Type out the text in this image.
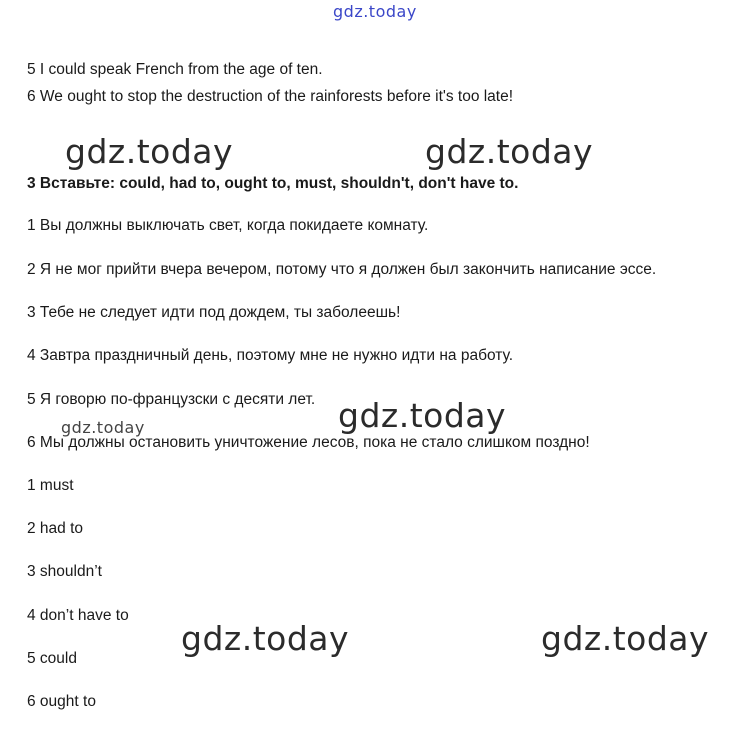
gdz.today
5 I could speak French from the age of ten.
6 We ought to stop the destruction of the rainforests before it's too late!
gdz.today	gdz.today
3 Вставьте: could, had to, ought to, must, shouldn't, don't have to.
1 Вы должны выключать свет, когда покидаете комнату.
2 Я не мог прийти вчера вечером, потому что я должен был закончить написание эссе.
3 Тебе не следует идти под дождем, ты заболеешь!
4 Завтра праздничный день, поэтому мне не нужно идти на работу.
5 Я говорю по-французски с десяти лет. gdz.today
gdz.today
6 Мы должны остановить уничтожение лесов, пока не стало слишком поздно!
1 must
2 had to
3 shouldn’t
4 don’t have to
gdz.today	gdz.today
5 could
6 ought to
